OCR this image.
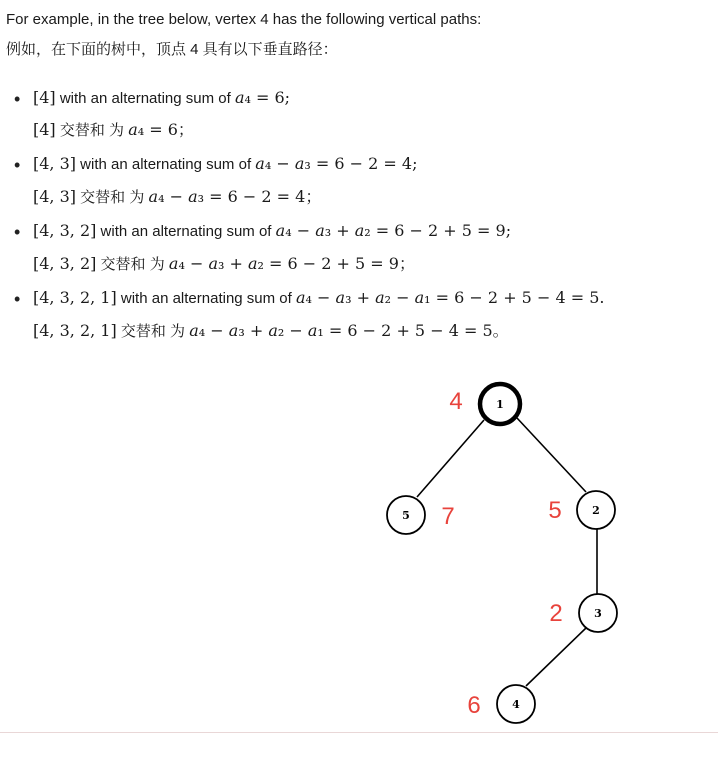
For example, in the tree below, vertex 4 has the following vertical paths:
例如，在下面的树中，顶点 4 具有以下垂直路径：
• [4] with an alternating sum of a₄ = 6;
[4] 交替和 为 a₄ = 6；
• [4, 3] with an alternating sum of a₄ − a₃ = 6 − 2 = 4;
[4, 3] 交替和 为 a₄ − a₃ = 6 − 2 = 4；
• [4, 3, 2] with an alternating sum of a₄ − a₃ + a₂ = 6 − 2 + 5 = 9;
[4, 3, 2] 交替和 为 a₄ − a₃ + a₂ = 6 − 2 + 5 = 9；
• [4, 3, 2, 1] with an alternating sum of a₄ − a₃ + a₂ − a₁ = 6 − 2 + 5 − 4 = 5.
[4, 3, 2, 1] 交替和 为 a₄ − a₃ + a₂ − a₁ = 6 − 2 + 5 − 4 = 5。
1
4
5 7	2
5
3
2
4
6
